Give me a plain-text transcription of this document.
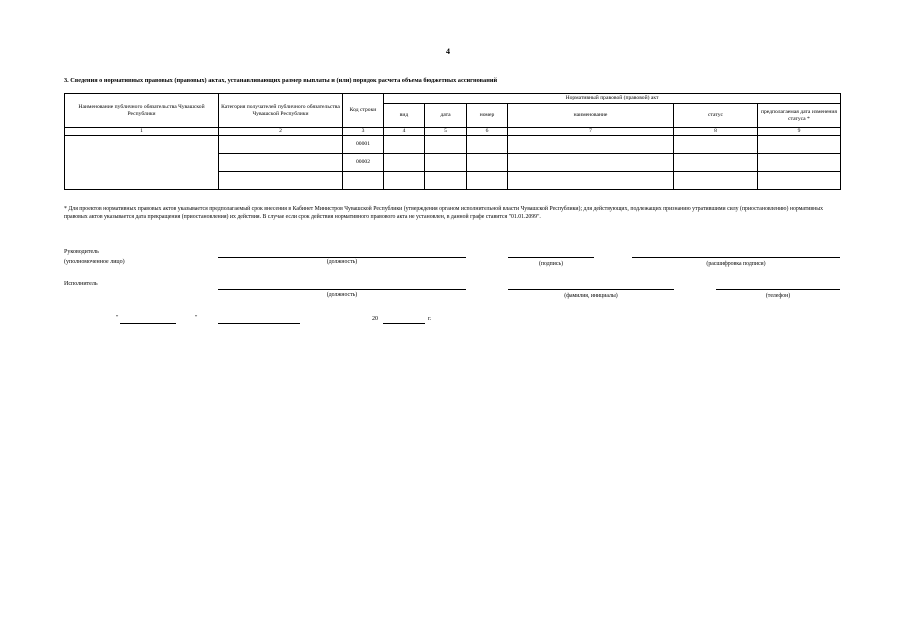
4
3. Сведения о нормативных правовых (правовых) актах, устанавливающих размер выплаты и (или) порядок расчета объема бюджетных ассигнований
Наименование публичного обязательства Чувашской Республики	Категория получателей публичного обязательства Чувашской Республики	Код строки	Нормативный правовой (правовой) акт					
			вид	дата	номер	наименование	статус	предполагаемая дата изменения статуса *
1	2	3	4	5	6	7	8	9
		00001						
		00002						

* Для проектов нормативных правовых актов указывается предполагаемый срок внесения в Кабинет Министров Чувашской Республики (утверждения органом исполнительной власти Чувашской Республики); для действующих, подлежащих признанию утратившими силу (приостановлению) нормативных правовых актов указывается дата прекращения (приостановления) их действия. В случае если срок действия нормативного правового акта не установлен, в данной графе ставится "01.01.2099".
Руководитель
(уполномоченное лицо)	(должность)	(подпись)	(расшифровка подписи)
Исполнитель
(должность)	(фамилия, инициалы)	(телефон)
"	"	20	г.
